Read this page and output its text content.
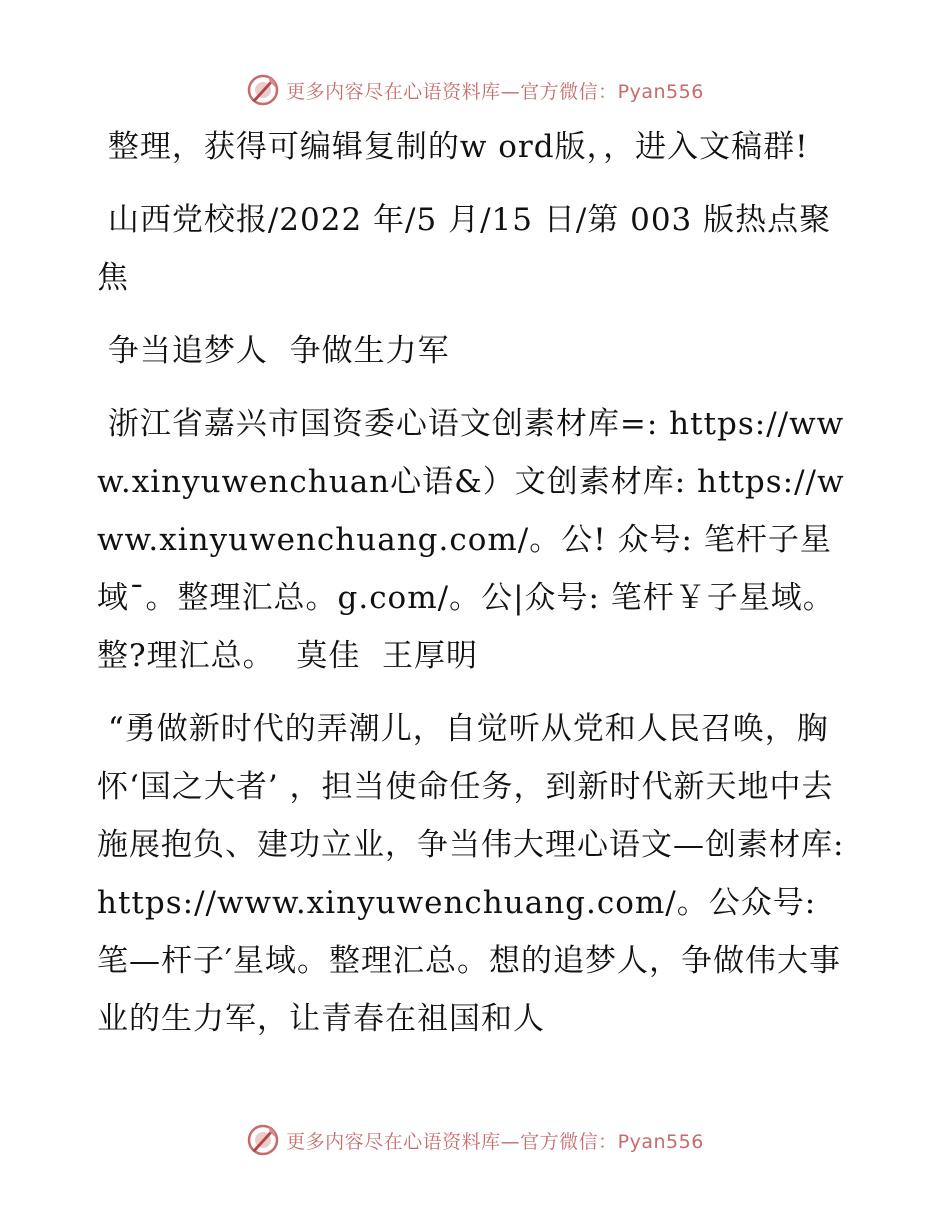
更多内容尽在心语资料库—官方微信：Pyan556

整理，获得可编辑复制的w ord版，，进入文稿群!

山西党校报/2022 年/5 月/15 日/第 003 版热点聚焦

争当追梦人  争做生力军

浙江省嘉兴市国资委心语文创素材库=: https://www.xinyuwenchuan心语&）文创素材库: https://www.xinyuwenchuang.com/。公! 众号: 笔杆子星域¯。整理汇总。g.com/。公|众号: 笔杆￥子星域。整?理汇总。  莫佳  王厚明

“勇做新时代的弄潮儿，自觉听从党和人民召唤，胸怀‘国之大者’ ，担当使命任务，到新时代新天地中去施展抱负、建功立业，争当伟大理心语文—创素材库: https://www.xinyuwenchuang.com/。公众号: 笔—杆子′星域。整理汇总。想的追梦人，争做伟大事业的生力军，让青春在祖国和人

更多内容尽在心语资料库—官方微信：Pyan556
